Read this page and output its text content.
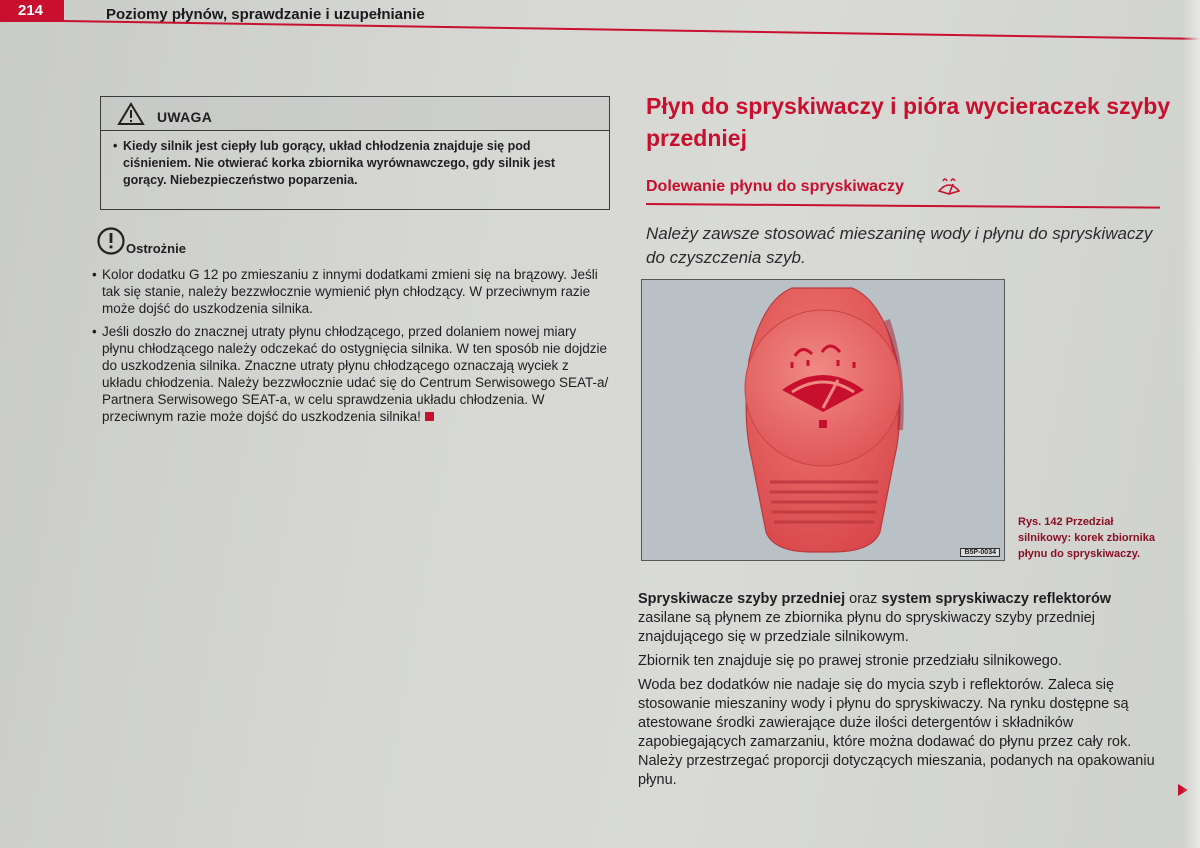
214	Poziomy płynów, sprawdzanie i uzupełnianie
UWAGA
• Kiedy silnik jest ciepły lub gorący, układ chłodzenia znajduje się pod ciśnieniem. Nie otwierać korka zbiornika wyrównawczego, gdy silnik jest gorący. Niebezpieczeństwo poparzenia.
Ostrożnie
• Kolor dodatku G 12 po zmieszaniu z innymi dodatkami zmieni się na brązowy. Jeśli tak się stanie, należy bezzwłocznie wymienić płyn chłodzący. W przeciwnym razie może dojść do uszkodzenia silnika.
• Jeśli doszło do znacznej utraty płynu chłodzącego, przed dolaniem nowej miary płynu chłodzącego należy odczekać do ostygnięcia silnika. W ten sposób nie dojdzie do uszkodzenia silnika. Znaczne utraty płynu chłodzącego oznaczają wyciek z układu chłodzenia. Należy bezzwłocznie udać się do Centrum Serwisowego SEAT-a/ Partnera Serwisowego SEAT-a, w celu sprawdzenia układu chłodzenia. W przeciwnym razie może dojść do uszkodzenia silnika!
Płyn do spryskiwaczy i pióra wycieraczek szyby przedniej
Dolewanie płynu do spryskiwaczy
Należy zawsze stosować mieszaninę wody i płynu do spryskiwaczy do czyszczenia szyb.
B5P-0034
Rys. 142 Przedział silnikowy: korek zbiornika płynu do spryskiwaczy.

Spryskiwacze szyby przedniej oraz system spryskiwaczy reflektorów zasilane są płynem ze zbiornika płynu do spryskiwaczy szyby przedniej znajdującego się w przedziale silnikowym.

Zbiornik ten znajduje się po prawej stronie przedziału silnikowego.

Woda bez dodatków nie nadaje się do mycia szyb i reflektorów. Zaleca się stosowanie mieszaniny wody i płynu do spryskiwaczy. Na rynku dostępne są atestowane środki zawierające duże ilości detergentów i składników zapobiegających zamarzaniu, które można dodawać do płynu przez cały rok. Należy przestrzegać proporcji dotyczących mieszania, podanych na opakowaniu płynu.
